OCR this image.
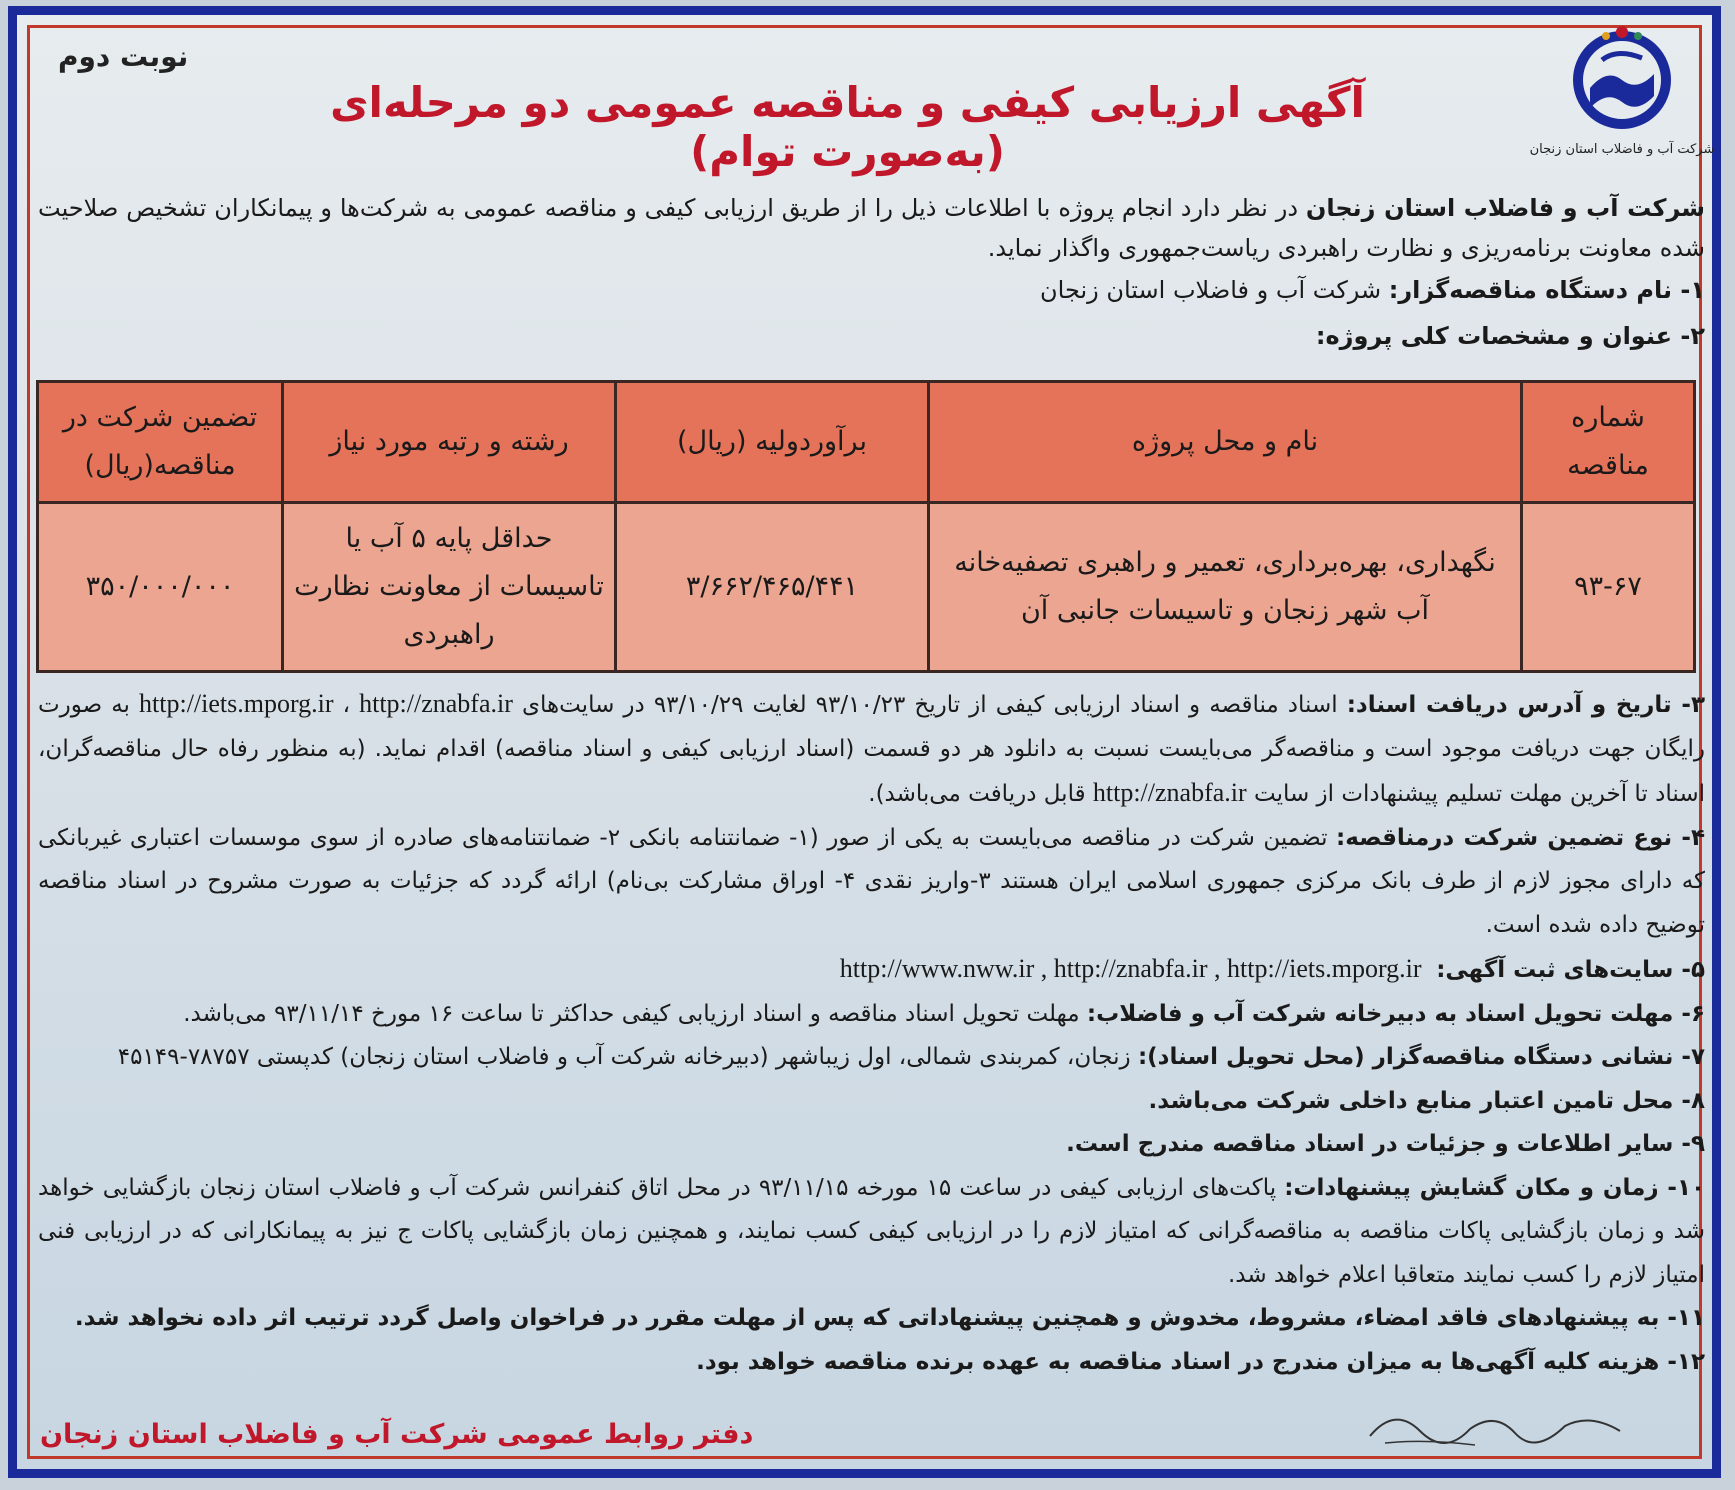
شرکت آب و فاضلاب استان زنجان
نوبت دوم
آگهی ارزیابی کیفی و مناقصه عمومی دو مرحله‌ای (به‌صورت توام)
شرکت آب و فاضلاب استان زنجان در نظر دارد انجام پروژه با اطلاعات ذیل را از طریق ارزیابی کیفی و مناقصه عمومی به شرکت‌ها و پیمانکاران تشخیص صلاحیت شده معاونت برنامه‌ریزی و نظارت راهبردی ریاست‌جمهوری واگذار نماید.
۱- نام دستگاه مناقصه‌گزار: شرکت آب و فاضلاب استان زنجان
۲- عنوان و مشخصات کلی پروژه:
شماره مناقصه	نام و محل پروژه	برآوردولیه (ریال)	رشته و رتبه مورد نیاز	تضمین شرکت در مناقصه(ریال)
۹۳-۶۷	نگهداری، بهره‌برداری، تعمیر و راهبری تصفیه‌خانه آب شهر زنجان و تاسیسات جانبی آن	۳/۶۶۲/۴۶۵/۴۴۱	حداقل پایه ۵ آب یا تاسیسات از معاونت نظارت راهبردی	۳۵۰/۰۰۰/۰۰۰

۳- تاریخ و آدرس دریافت اسناد: اسناد مناقصه و اسناد ارزیابی کیفی از تاریخ ۹۳/۱۰/۲۳ لغایت ۹۳/۱۰/۲۹ در سایت‌های http://iets.mporg.ir ، http://znabfa.ir به صورت رایگان جهت دریافت موجود است و مناقصه‌گر می‌بایست نسبت به دانلود هر دو قسمت (اسناد ارزیابی کیفی و اسناد مناقصه) اقدام نماید. (به منظور رفاه حال مناقصه‌گران، اسناد تا آخرین مهلت تسلیم پیشنهادات از سایت http://znabfa.ir قابل دریافت می‌باشد).

۴- نوع تضمین شرکت درمناقصه: تضمین شرکت در مناقصه می‌بایست به یکی از صور (۱- ضمانتنامه بانکی ۲- ضمانتنامه‌های صادره از سوی موسسات اعتباری غیربانکی که دارای مجوز لازم از طرف بانک مرکزی جمهوری اسلامی ایران هستند ۳-واریز نقدی ۴- اوراق مشارکت بی‌نام) ارائه گردد که جزئیات به صورت مشروح در اسناد مناقصه توضیح داده شده است.

۵- سایت‌های ثبت آگهی:  http://www.nww.ir , http://znabfa.ir , http://iets.mporg.ir

۶- مهلت تحویل اسناد به دبیرخانه شرکت آب و فاضلاب: مهلت تحویل اسناد مناقصه و اسناد ارزیابی کیفی حداکثر تا ساعت ۱۶ مورخ ۹۳/۱۱/۱۴ می‌باشد.

۷- نشانی دستگاه مناقصه‌گزار (محل تحویل اسناد): زنجان، کمربندی شمالی، اول زیباشهر (دبیرخانه شرکت آب و فاضلاب استان زنجان) کدپستی ۷۸۷۵۷-۴۵۱۴۹

۸- محل تامین اعتبار منابع داخلی شرکت می‌باشد.

۹- سایر اطلاعات و جزئیات در اسناد مناقصه مندرج است.

۱۰- زمان و مکان گشایش پیشنهادات: پاکت‌های ارزیابی کیفی در ساعت ۱۵ مورخه ۹۳/۱۱/۱۵ در محل اتاق کنفرانس شرکت آب و فاضلاب استان زنجان بازگشایی خواهد شد و زمان بازگشایی پاکات مناقصه به مناقصه‌گرانی که امتیاز لازم را در ارزیابی کیفی کسب نمایند، و همچنین زمان بازگشایی پاکات ج نیز به پیمانکارانی که در ارزیابی فنی امتیاز لازم را کسب نمایند متعاقبا اعلام خواهد شد.

۱۱- به پیشنهادهای فاقد امضاء، مشروط، مخدوش و همچنین پیشنهاداتی که پس از مهلت مقرر در فراخوان واصل گردد ترتیب اثر داده نخواهد شد.

۱۲- هزینه کلیه آگهی‌ها به میزان مندرج در اسناد مناقصه به عهده برنده مناقصه خواهد بود.

دفتر روابط عمومی شرکت آب و فاضلاب استان زنجان
